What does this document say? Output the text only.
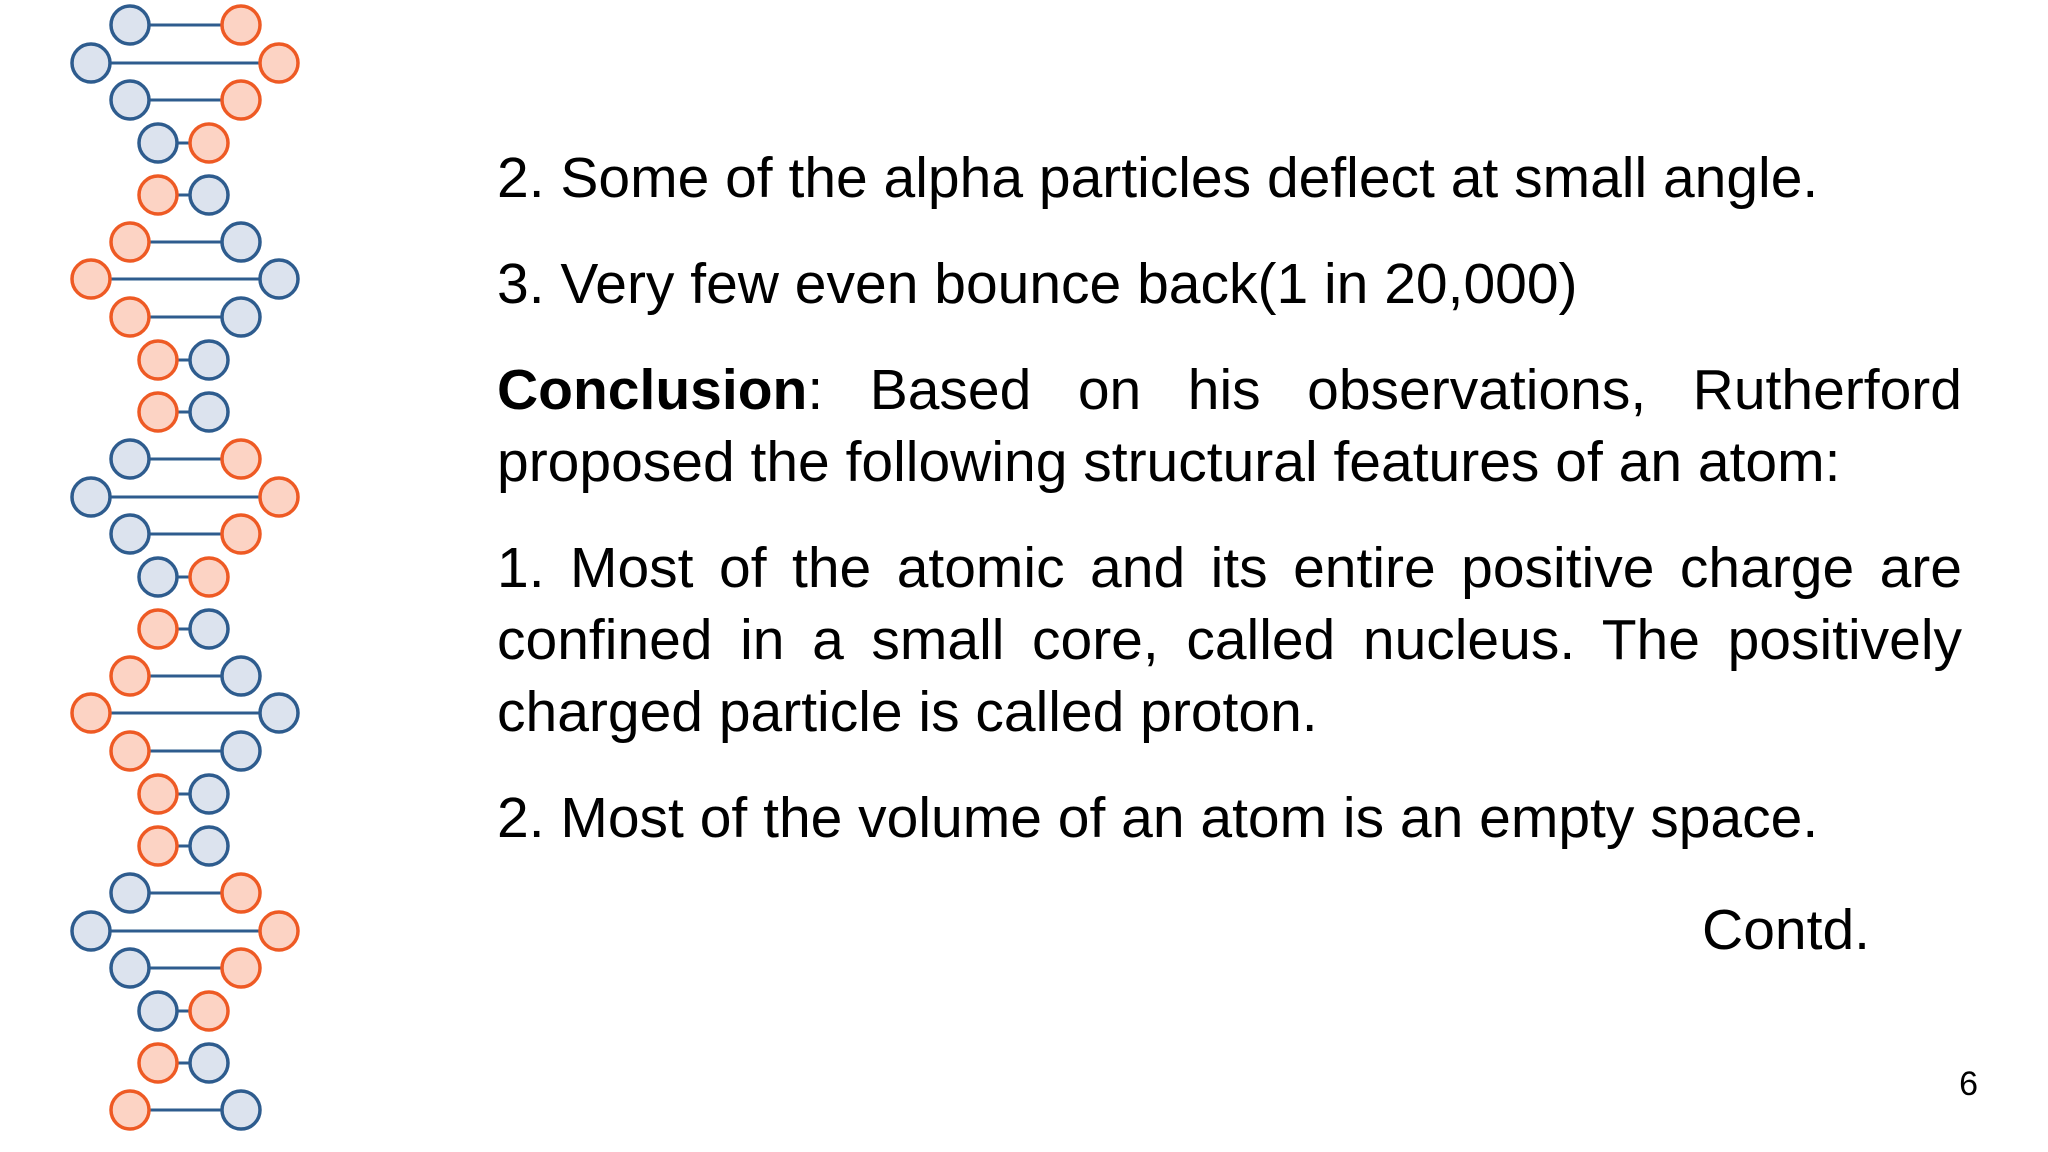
2. Some of the alpha particles deflect at small angle.

3. Very few even bounce back(1 in 20,000)

Conclusion: Based on his observations, Rutherford proposed the following structural features of an atom:

1. Most of the atomic and its entire positive charge are confined in a small core, called nucleus. The positively charged particle is called proton.

2. Most of the volume of an atom is an empty space.

Contd.
6
